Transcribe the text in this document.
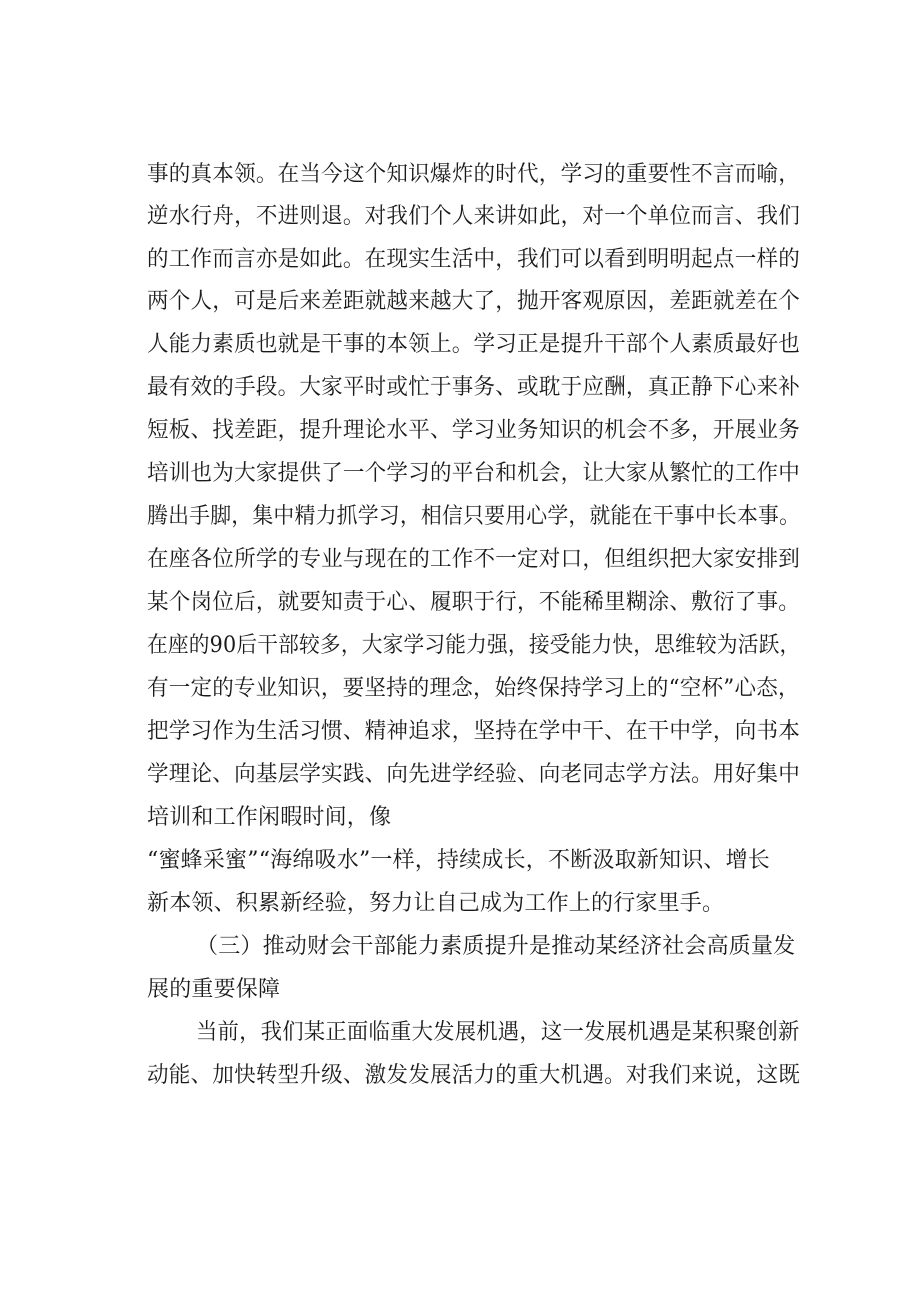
事的真本领。在当今这个知识爆炸的时代，学习的重要性不言而喻，
逆水行舟，不进则退。对我们个人来讲如此，对一个单位而言、我们
的工作而言亦是如此。在现实生活中，我们可以看到明明起点一样的
两个人，可是后来差距就越来越大了，抛开客观原因，差距就差在个
人能力素质也就是干事的本领上。学习正是提升干部个人素质最好也
最有效的手段。大家平时或忙于事务、或耽于应酬，真正静下心来补
短板、找差距，提升理论水平、学习业务知识的机会不多，开展业务
培训也为大家提供了一个学习的平台和机会，让大家从繁忙的工作中
腾出手脚，集中精力抓学习，相信只要用心学，就能在干事中长本事。
在座各位所学的专业与现在的工作不一定对口，但组织把大家安排到
某个岗位后，就要知责于心、履职于行，不能稀里糊涂、敷衍了事。
在座的90后干部较多，大家学习能力强，接受能力快，思维较为活跃，
有一定的专业知识，要坚持的理念，始终保持学习上的“空杯”心态，
把学习作为生活习惯、精神追求，坚持在学中干、在干中学，向书本
学理论、向基层学实践、向先进学经验、向老同志学方法。用好集中
培训和工作闲暇时间，像
“蜜蜂采蜜”“海绵吸水”一样，持续成长，不断汲取新知识、增长
新本领、积累新经验，努力让自己成为工作上的行家里手。
（三）推动财会干部能力素质提升是推动某经济社会高质量发
展的重要保障
当前，我们某正面临重大发展机遇，这一发展机遇是某积聚创新
动能、加快转型升级、激发发展活力的重大机遇。对我们来说，这既
